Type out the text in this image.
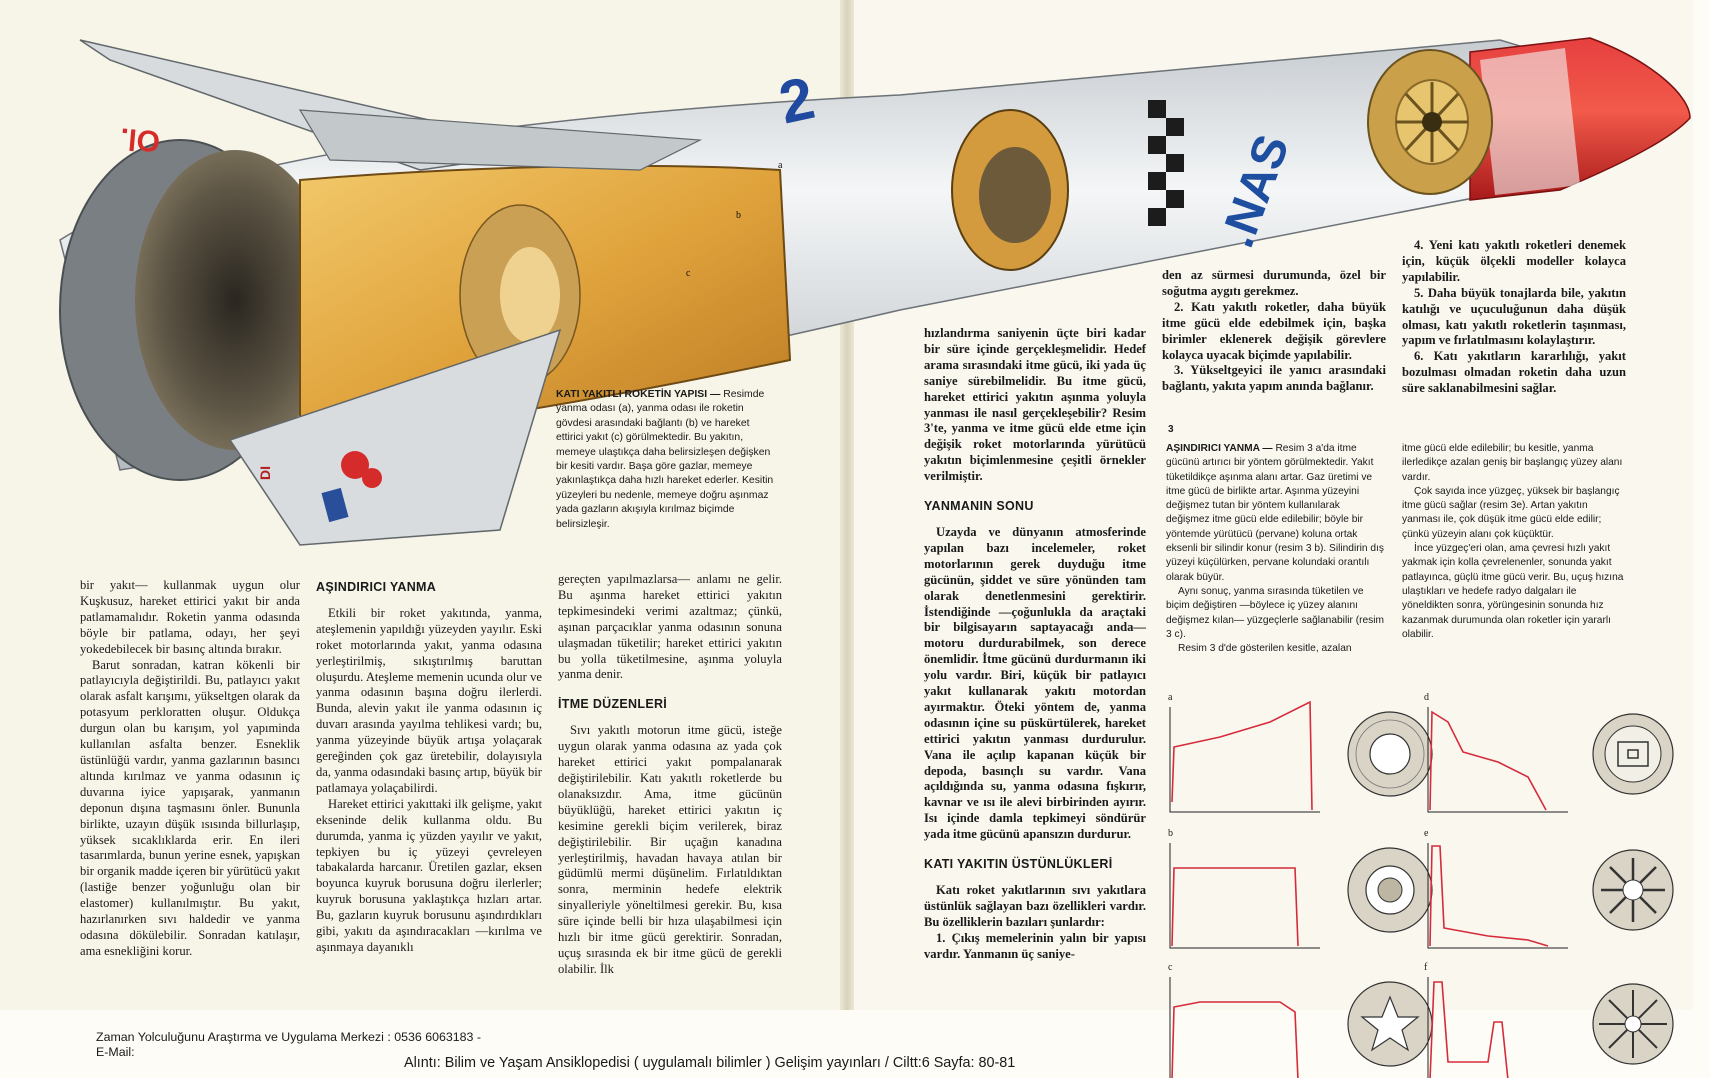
Ol.	.NAS
DI
2
a
b
c
KATI YAKITLI ROKETİN YAPISI — Resimde yanma odası (a), yanma odası ile roketin gövdesi arasındaki bağlantı (b) ve hareket ettirici yakıt (c) görülmektedir. Bu yakıtın, memeye ulaştıkça daha belirsizleşen değişken bir kesiti vardır. Başa göre gazlar, memeye yakınlaştıkça daha hızlı hareket ederler. Kesitin yüzeyleri bu nedenle, memeye doğru aşınmaz yada gazların akışıyla kırılmaz biçimde belirsizleşir.

bir yakıt— kullanmak uygun olur Kuşkusuz, hareket ettirici yakıt bir anda patlamamalıdır. Roketin yanma odasında böyle bir patlama, odayı, her şeyi yokedebilecek bir basınç altında bırakır.

Barut sonradan, katran kökenli bir patlayıcıyla değiştirildi. Bu, patlayıcı yakıt olarak asfalt karışımı, yükseltgen olarak da potasyum perkloratten oluşur. Oldukça durgun olan bu karışım, yol yapıminda kullanılan asfalta benzer. Esneklik üstünlüğü vardır, yanma gazlarının basıncı altında kırılmaz ve yanma odasının iç duvarına iyice yapışarak, yanmanın deponun dışına taşmasını önler. Bununla birlikte, uzayın düşük ısısında billurlaşıp, yüksek sıcaklıklarda erir. En ileri tasarımlarda, bunun yerine esnek, yapışkan bir organik madde içeren bir yürütücü yakıt (lastiğe benzer yoğunluğu olan bir elastomer) kullanılmıştır. Bu yakıt, hazırlanırken sıvı haldedir ve yanma odasına dökülebilir. Sonradan katılaşır, ama esnekliğini korur.

AŞINDIRICI YANMA

Etkili bir roket yakıtında, yanma, ateşlemenin yapıldığı yüzeyden yayılır. Eski roket motorlarında yakıt, yanma odasına yerleştirilmiş, sıkıştırılmış baruttan oluşurdu. Ateşleme memenin ucunda olur ve yanma odasının başına doğru ilerlerdi. Bunda, alevin yakıt ile yanma odasının iç duvarı arasında yayılma tehlikesi vardı; bu, yanma yüzeyinde büyük artışa yolaçarak gereğinden çok gaz üretebilir, dolayısıyla da, yanma odasındaki basınç artıp, büyük bir patlamaya yolaçabilirdi.

Hareket ettirici yakıttaki ilk gelişme, yakıt ekseninde delik kullanma oldu. Bu durumda, yanma iç yüzden yayılır ve yakıt, tepkiyen bu iç yüzeyi çevreleyen tabakalarda harcanır. Üretilen gazlar, eksen boyunca kuyruk borusuna doğru ilerlerler; kuyruk borusuna yaklaştıkça hızları artar. Bu, gazların kuyruk borusunu aşındırdıkları gibi, yakıtı da aşındıracakları —kırılma ve aşınmaya dayanıklı

gereçten yapılmazlarsa— anlamı ne gelir. Bu aşınma hareket ettirici yakıtın tepkimesindeki verimi azaltmaz; çünkü, aşınan parçacıklar yanma odasının sonuna ulaşmadan tüketilir; hareket ettirici yakıtın bu yolla tüketilmesine, aşınma yoluyla yanma denir.

İTME DÜZENLERİ

Sıvı yakıtlı motorun itme gücü, isteğe uygun olarak yanma odasına az yada çok hareket ettirici yakıt pompalanarak değiştirilebilir. Katı yakıtlı roketlerde bu olanaksızdır. Ama, itme gücünün büyüklüğü, hareket ettirici yakıtın iç kesimine gerekli biçim verilerek, biraz değiştirilebilir. Bir uçağın kanadına yerleştirilmiş, havadan havaya atılan bir güdümlü mermi düşünelim. Fırlatıldıktan sonra, merminin hedefe elektrik sinyalleriyle yöneltilmesi gerekir. Bu, kısa süre içinde belli bir hıza ulaşabilmesi için hızlı bir itme gücü gerektirir. Sonradan, uçuş sırasında ek bir itme gücü de gerekli olabilir. İlk

hızlandırma saniyenin üçte biri kadar bir süre içinde gerçekleşmelidir. Hedef arama sırasındaki itme gücü, iki yada üç saniye sürebilmelidir. Bu itme gücü, hareket ettirici yakıtın aşınma yoluyla yanması ile nasıl gerçekleşebilir? Resim 3'te, yanma ve itme gücü elde etme için değişik roket motorlarında yürütücü yakıtın biçimlenmesine çeşitli örnekler verilmiştir.

YANMANIN SONU

Uzayda ve dünyanın atmosferinde yapılan bazı incelemeler, roket motorlarının gerek duyduğu itme gücünün, şiddet ve süre yönünden tam olarak denetlenmesini gerektirir. İstendiğinde —çoğunlukla da araçtaki bir bilgisayarın saptayacağı anda— motoru durdurabilmek, son derece önemlidir. İtme gücünü durdurmanın iki yolu vardır. Biri, küçük bir patlayıcı yakıt kullanarak yakıtı motordan ayırmaktır. Öteki yöntem de, yanma odasının içine su püskürtülerek, hareket ettirici yakıtın yanması durdurulur. Vana ile açılıp kapanan küçük bir depoda, basınçlı su vardır. Vana açıldığında su, yanma odasına fışkırır, kavnar ve ısı ile alevi birbirinden ayırır. Isı içinde damla tepkimeyi söndürür yada itme gücünü apansızın durdurur.

KATI YAKITIN ÜSTÜNLÜKLERİ

Katı roket yakıtlarının sıvı yakıtlara üstünlük sağlayan bazı özellikleri vardır. Bu özelliklerin bazıları şunlardır:

1. Çıkış memelerinin yalın bir yapısı vardır. Yanmanın üç saniye-

den az sürmesi durumunda, özel bir soğutma aygıtı gerekmez.

2. Katı yakıtlı roketler, daha büyük itme gücü elde edebilmek için, başka birimler eklenerek değişik görevlere kolayca uyacak biçimde yapılabilir.

3. Yükseltgeyici ile yanıcı arasındaki bağlantı, yakıta yapım anında bağlanır.

4. Yeni katı yakıtlı roketleri denemek için, küçük ölçekli modeller kolayca yapılabilir.

5. Daha büyük tonajlarda bile, yakıtın katılığı ve uçuculuğunun daha düşük olması, katı yakıtlı roketlerin taşınması, yapım ve fırlatılmasını kolaylaştırır.

6. Katı yakıtların kararlılığı, yakıt bozulması olmadan roketin daha uzun süre saklanabilmesini sağlar.

3
AŞINDIRICI YANMA — Resim 3 a'da itme gücünü artırıcı bir yöntem görülmektedir. Yakıt tüketildikçe aşınma alanı artar. Gaz üretimi ve itme gücü de birlikte artar. Aşınma yüzeyini değişmez tutan bir yöntem kullanılarak değişmez itme gücü elde edilebilir; böyle bir yöntemde yürütücü (pervane) koluna ortak eksenli bir silindir konur (resim 3 b). Silindirin dış yüzeyi küçülürken, pervane kolundaki orantılı olarak büyür.
Aynı sonuç, yanma sırasında tüketilen ve biçim değiştiren —böylece iç yüzey alanını değişmez kılan— yüzgeçlerle sağlanabilir (resim 3 c).
Resim 3 d'de gösterilen kesitle, azalan
itme gücü elde edilebilir; bu kesitle, yanma ilerledikçe azalan geniş bir başlangıç yüzey alanı vardır.
Çok sayıda ince yüzgeç, yüksek bir başlangıç itme gücü sağlar (resim 3e). Artan yakıtın yanması ile, çok düşük itme gücü elde edilir; çünkü yüzeyin alanı çok küçüktür.
İnce yüzgeç'eri olan, ama çevresi hızlı yakıt yakmak için kolla çevrelenenler, sonunda yakıt patlayınca, güçlü itme gücü verir. Bu, uçuş hızına ulaştıkları ve hedefe radyo dalgaları ile yöneldikten sonra, yörüngesinin sonunda hız kazanmak durumunda olan roketler için yararlı olabilir.
a	d
b	e
c	f
Zaman Yolculuğunu Araştırma ve Uygulama Merkezi : 0536 6063183 -
E-Mail:
Alıntı: Bilim ve Yaşam Ansiklopedisi ( uygulamalı bilimler ) Gelişim yayınları / Ciltt:6 Sayfa: 80-81
